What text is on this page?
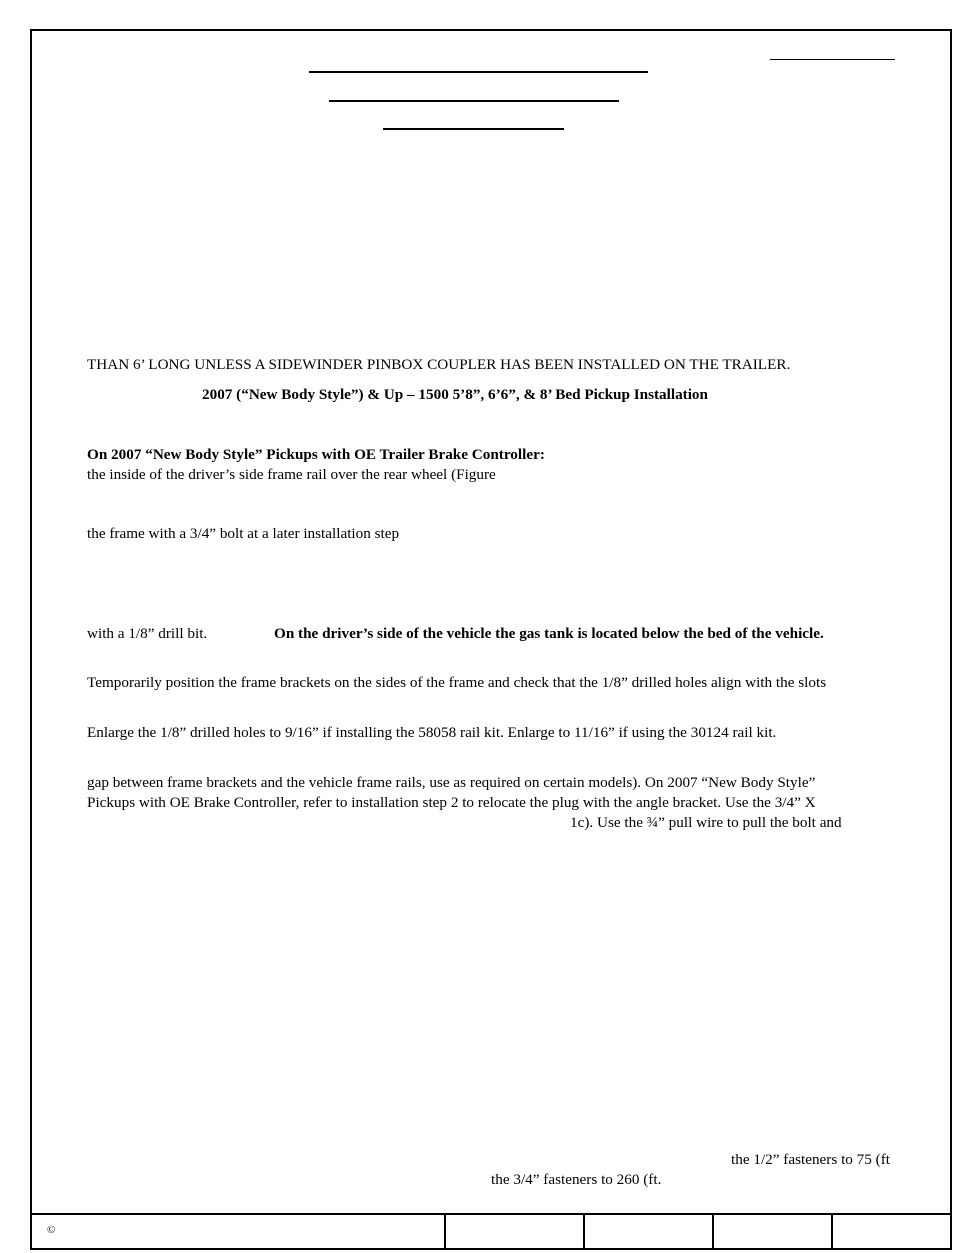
THAN 6’ LONG UNLESS A SIDEWINDER PINBOX COUPLER HAS BEEN INSTALLED ON THE TRAILER.
2007 (“New Body Style”) & Up – 1500 5’8”, 6’6”, & 8’ Bed Pickup Installation
On 2007 “New Body Style” Pickups with OE Trailer Brake Controller:
the inside of the driver’s side frame rail over the rear wheel (Figure
the frame with a 3/4” bolt at a later installation step
with a 1/8” drill bit.	On the driver’s side of the vehicle the gas tank is located below the bed of the vehicle.
Temporarily position the frame brackets on the sides of the frame and check that the 1/8” drilled holes align with the slots
Enlarge the 1/8” drilled holes to 9/16” if installing the 58058 rail kit. Enlarge to 11/16” if using the 30124 rail kit.
gap between frame brackets and the vehicle frame rails, use as required on certain models). On 2007 “New Body Style”
Pickups with OE Brake Controller, refer to installation step 2 to relocate the plug with the angle bracket. Use the 3/4” X
1c). Use the ¾” pull wire to pull the bolt and
the 1/2” fasteners to 75 (ft
the 3/4” fasteners to 260 (ft.
©
